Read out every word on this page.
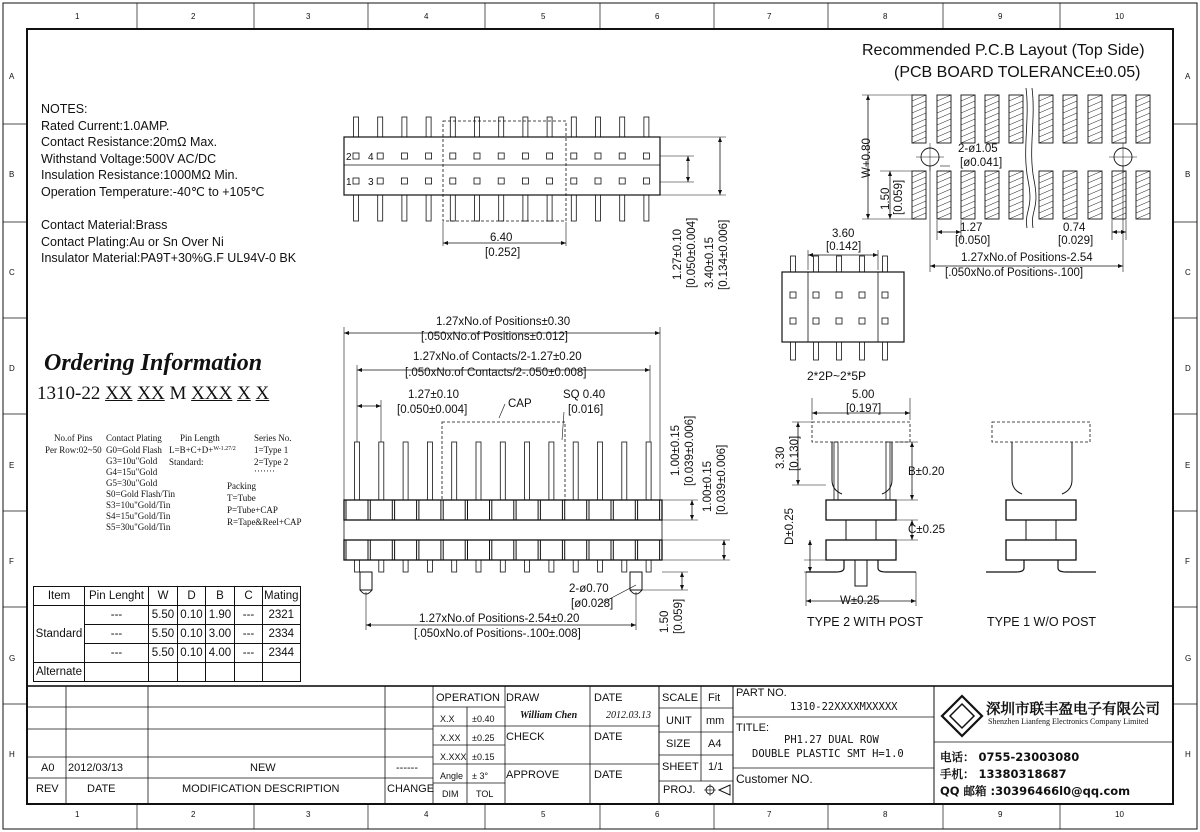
1
1
2
2
3
3
4
4
5
5
6
6
7
7
8
8
9
9
10
10
A	A
B	B
C	C
D	D
E	E
F	F
G	G
H	H
NOTES:
Rated Current:1.0AMP.
Contact Resistance:20mΩ Max.
Withstand Voltage:500V AC/DC
Insulation Resistance:1000MΩ Min.
Operation Temperature:-40℃ to +105℃
Contact Material:Brass
Contact Plating:Au or Sn Over Ni
Insulator Material:PA9T+30%G.F UL94V-0 BK
Ordering Information
1310-22 XX XX M XXX X X
No.of Pins
Per Row:02~50
Contact Plating
G0=Gold Flash
G3=10u"Gold
G4=15u"Gold
G5=30u"Gold
S0=Gold Flash/Tin
S3=10u"Gold/Tin
S4=15u"Gold/Tin
S5=30u"Gold/Tin
Pin Length
L=B+C+D+$^{W-1.27/2}$
Standard:
·······
Series No.
1=Type 1
2=Type 2
Packing
T=Tube
P=Tube+CAP
R=Tape&Reel+CAP
Item	Pin Lenght	W	D	B	C	Mating
Standard	---	5.50	0.10	1.90	---	2321
	---	5.50	0.10	3.00	---	2334
	---	5.50	0.10	4.00	---	2344
Alternate						
Recommended P.C.B Layout (Top Side)
(PCB BOARD TOLERANCE±0.05)
2-ø1.05
[ø0.041]
W+0.80
1.50 [0.059]
1.27
[0.050]
0.74
[0.029]
1.27xNo.of Positions-2.54
[.050xNo.of Positions-.100]
2 4
1 3
6.40
[0.252]	1.27±0.10 [0.050±0.004] 3.40±0.15 [0.134±0.006]	3.60
[0.142]
2*2P~2*5P
1.27xNo.of Positions±0.30
[.050xNo.of Positions±0.012]
1.27xNo.of Contacts/2-1.27±0.20
[.050xNo.of Contacts/2-.050±0.008]
1.27±0.10
[0.050±0.004]	CAP
SQ 0.40
[0.016]
1.00±0.15 [0.039±0.006]
1.00±0.15 [0.039±0.006]
2-ø0.70
[ø0.028]
1.50 [0.059]
1.27xNo.of Positions-2.54±0.20
[.050xNo.of Positions-.100±.008]
5.00
[0.197]
3.30 [0.130]
B±0.20
C±0.25
D±0.25
W±0.25
TYPE 2 WITH POST	TYPE 1 W/O POST
A0 2012/03/13	NEW	------
REV	DATE	MODIFICATION DESCRIPTION	CHANGE
OPERATION
X.X ±0.40
X.XX ±0.25
X.XXX ±0.15
Angle ± 3°
DIM TOL
DRAW
William Chen
CHECK
APPROVE
DATE
2012.03.13
DATE
DATE
SCALE Fit
UNIT mm
SIZE A4
SHEET 1/1
PROJ.
PART NO.
1310-22XXXXMXXXXX
TITLE:
PH1.27 DUAL ROW
DOUBLE PLASTIC SMT H=1.0
Customer NO.
深圳市联丰盈电子有限公司
Shenzhen Lianfeng Electronics Company Limited
电话： 0755-23003080
手机： 13380318687
QQ 邮箱 :30396466l0@qq.com
